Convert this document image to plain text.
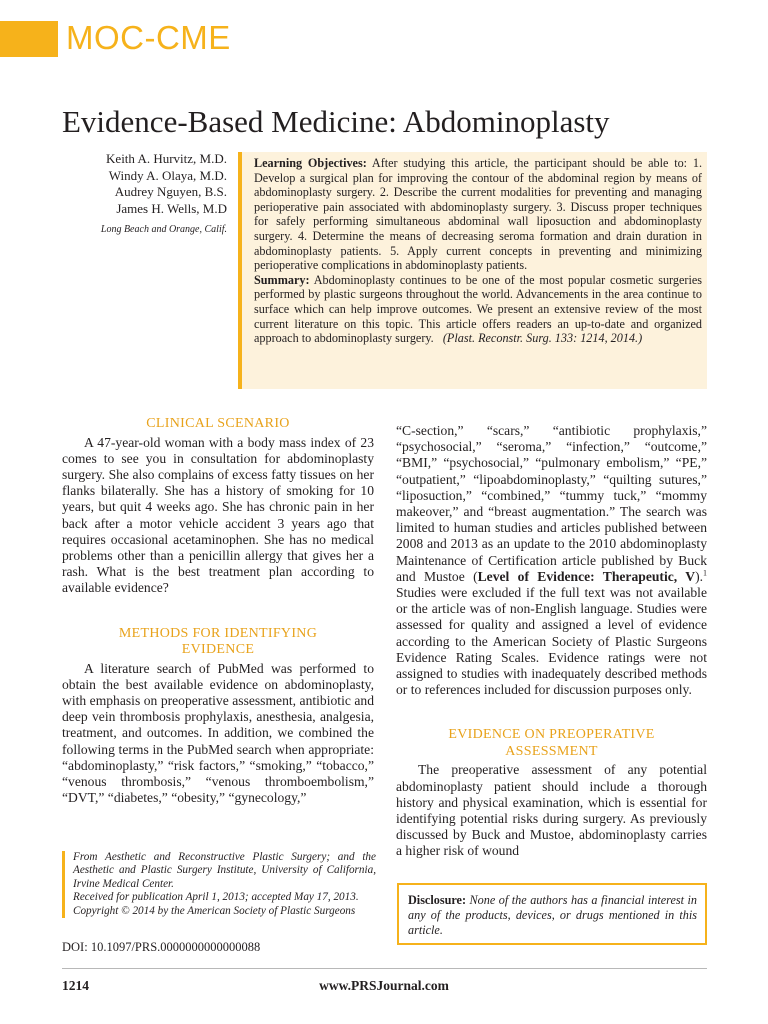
MOC-CME
Evidence-Based Medicine: Abdominoplasty
Keith A. Hurvitz, M.D.
Windy A. Olaya, M.D.
Audrey Nguyen, B.S.
James H. Wells, M.D
Long Beach and Orange, Calif.

Learning Objectives: After studying this article, the participant should be able to: 1. Develop a surgical plan for improving the contour of the abdominal region by means of abdominoplasty surgery. 2. Describe the current modalities for preventing and managing perioperative pain associated with abdominoplasty surgery. 3. Discuss proper techniques for safely performing simultaneous abdominal wall liposuction and abdominoplasty surgery. 4. Determine the means of decreasing seroma formation and drain duration in abdominoplasty patients. 5. Apply current concepts in preventing and minimizing perioperative complications in abdominoplasty patients.

Summary: Abdominoplasty continues to be one of the most popular cosmetic surgeries performed by plastic surgeons throughout the world. Advancements in the area continue to surface which can help improve outcomes. We present an extensive review of the most current literature on this topic. This article offers readers an up-to-date and organized approach to abdominoplasty surgery. (Plast. Reconstr. Surg. 133: 1214, 2014.)

CLINICAL SCENARIO

A 47-year-old woman with a body mass index of 23 comes to see you in consultation for abdominoplasty surgery. She also complains of excess fatty tissues on her flanks bilaterally. She has a history of smoking for 10 years, but quit 4 weeks ago. She has chronic pain in her back after a motor vehicle accident 3 years ago that requires occasional acetaminophen. She has no medical problems other than a penicillin allergy that gives her a rash. What is the best treatment plan according to available evidence?

METHODS FOR IDENTIFYING
EVIDENCE

A literature search of PubMed was performed to obtain the best available evidence on abdominoplasty, with emphasis on preoperative assessment, antibiotic and deep vein thrombosis prophylaxis, anesthesia, analgesia, treatment, and outcomes. In addition, we combined the following terms in the PubMed search when appropriate: “abdominoplasty,” “risk factors,” “smoking,” “tobacco,” “venous thrombosis,” “venous thromboembolism,” “DVT,” “diabetes,” “obesity,” “gynecology,”

“C-section,” “scars,” “antibiotic prophylaxis,” “psychosocial,” “seroma,” “infection,” “outcome,” “BMI,” “psychosocial,” “pulmonary embolism,” “PE,” “outpatient,” “lipoabdominoplasty,” “quilting sutures,” “liposuction,” “combined,” “tummy tuck,” “mommy makeover,” and “breast augmentation.” The search was limited to human studies and articles published between 2008 and 2013 as an update to the 2010 abdominoplasty Maintenance of Certification article published by Buck and Mustoe (Level of Evidence: Therapeutic, V).$^1$ Studies were excluded if the full text was not available or the article was of non-English language. Studies were assessed for quality and assigned a level of evidence according to the American Society of Plastic Surgeons Evidence Rating Scales. Evidence ratings were not assigned to studies with inadequately described methods or to references included for discussion purposes only.

EVIDENCE ON PREOPERATIVE
ASSESSMENT

The preoperative assessment of any potential abdominoplasty patient should include a thorough history and physical examination, which is essential for identifying potential risks during surgery. As previously discussed by Buck and Mustoe, abdominoplasty carries a higher risk of wound

From Aesthetic and Reconstructive Plastic Surgery; and the Aesthetic and Plastic Surgery Institute, University of California, Irvine Medical Center.

Received for publication April 1, 2013; accepted May 17, 2013.

Copyright © 2014 by the American Society of Plastic Surgeons

DOI: 10.1097/PRS.0000000000000088
Disclosure: None of the authors has a financial interest in any of the products, devices, or drugs mentioned in this article.
1214	www.PRSJournal.com
